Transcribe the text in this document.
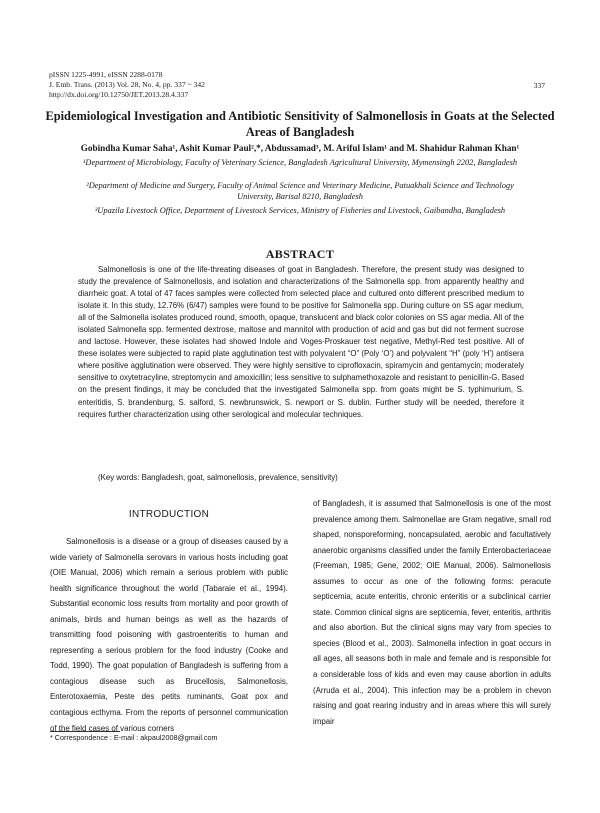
pISSN 1225-4991, eISSN 2288-0178
J. Emb. Trans. (2013) Vol. 28, No. 4, pp. 337 ~ 342
http://dx.doi.org/10.12750/JET.2013.28.4.337
337
Epidemiological Investigation and Antibiotic Sensitivity of Salmonellosis in Goats at the Selected Areas of Bangladesh
Gobindha Kumar Saha¹, Ashit Kumar Paul²,*, Abdussamad³, M. Ariful Islam¹ and M. Shahidur Rahman Khan¹
¹Department of Microbiology, Faculty of Veterinary Science, Bangladesh Agricultural University, Mymensingh 2202, Bangladesh
²Department of Medicine and Surgery, Faculty of Animal Science and Veterinary Medicine, Patuakhali Science and Technology University, Barisal 8210, Bangladesh
³Upazila Livestock Office, Department of Livestock Services, Ministry of Fisheries and Livestock, Gaibandha, Bangladesh
ABSTRACT
Salmonellosis is one of the life-threating diseases of goat in Bangladesh. Therefore, the present study was designed to study the prevalence of Salmonellosis, and isolation and characterizations of the Salmonella spp. from apparently healthy and diarrheic goat. A total of 47 faces samples were collected from selected place and cultured onto different prescribed medium to isolate it. In this study, 12.76% (6/47) samples were found to be positive for Salmonella spp. During culture on SS agar medium, all of the Salmonella isolates produced round, smooth, opaque, translucent and black color colonies on SS agar media. All of the isolated Salmonella spp. fermented dextrose, maltose and mannitol with production of acid and gas but did not ferment sucrose and lactose. However, these isolates had showed Indole and Voges-Proskauer test negative, Methyl-Red test positive. All of these isolates were subjected to rapid plate agglutination test with polyvalent “O” (Poly ‘O’) and polyvalent “H” (poly ‘H’) antisera where positive agglutination were observed. They were highly sensitive to ciprofloxacin, spiramycin and gentamycin; moderately sensitive to oxytetracyline, streptomycin and amoxicillin; less sensitive to sulphamethoxazole and resistant to penicillin-G. Based on the present findings, it may be concluded that the investigated Salmonella spp. from goats might be S. typhimurium, S. enteritidis, S. brandenburg, S. salford, S. newbrunswick, S. newport or S. dublin. Further study will be needed, therefore it requires further characterization using other serological and molecular techniques.
(Key words: Bangladesh, goat, salmonellosis, prevalence, sensitivity)
INTRODUCTION
Salmonellosis is a disease or a group of diseases caused by a wide variety of Salmonella serovars in various hosts including goat (OIE Manual, 2006) which remain a serious problem with public health significance throughout the world (Tabaraie et al., 1994). Substantial economic loss results from mortality and poor growth of animals, birds and human beings as well as the hazards of transmitting food poisoning with gastroenteritis to human and representing a serious problem for the food industry (Cooke and Todd, 1990). The goat population of Bangladesh is suffering from a contagious disease such as Brucellosis, Salmonellosis, Enterotoxaemia, Peste des petits ruminants, Goat pox and contagious ecthyma. From the reports of personnel communication of the field cases of various corners
of Bangladesh, it is assumed that Salmonellosis is one of the most prevalence among them. Salmonellae are Gram negative, small rod shaped, nonsporeforming, noncapsulated, aerobic and facultatively anaerobic organisms classified under the family Enterobacteriaceae (Freeman, 1985; Gene, 2002; OIE Manual, 2006). Salmonellosis assumes to occur as one of the following forms: peracute septicemia, acute enteritis, chronic enteritis or a subclinical carrier state. Common clinical signs are septicemia, fever, enteritis, arthritis and also abortion. But the clinical signs may vary from species to species (Blood et al., 2003). Salmonella infection in goat occurs in all ages, all seasons both in male and female and is responsible for a considerable loss of kids and even may cause abortion in adults (Arruda et al., 2004). This infection may be a problem in chevon raising and goat rearing industry and in areas where this will surely impair
* Correspondence : E-mail : akpaul2008@gmail.com
